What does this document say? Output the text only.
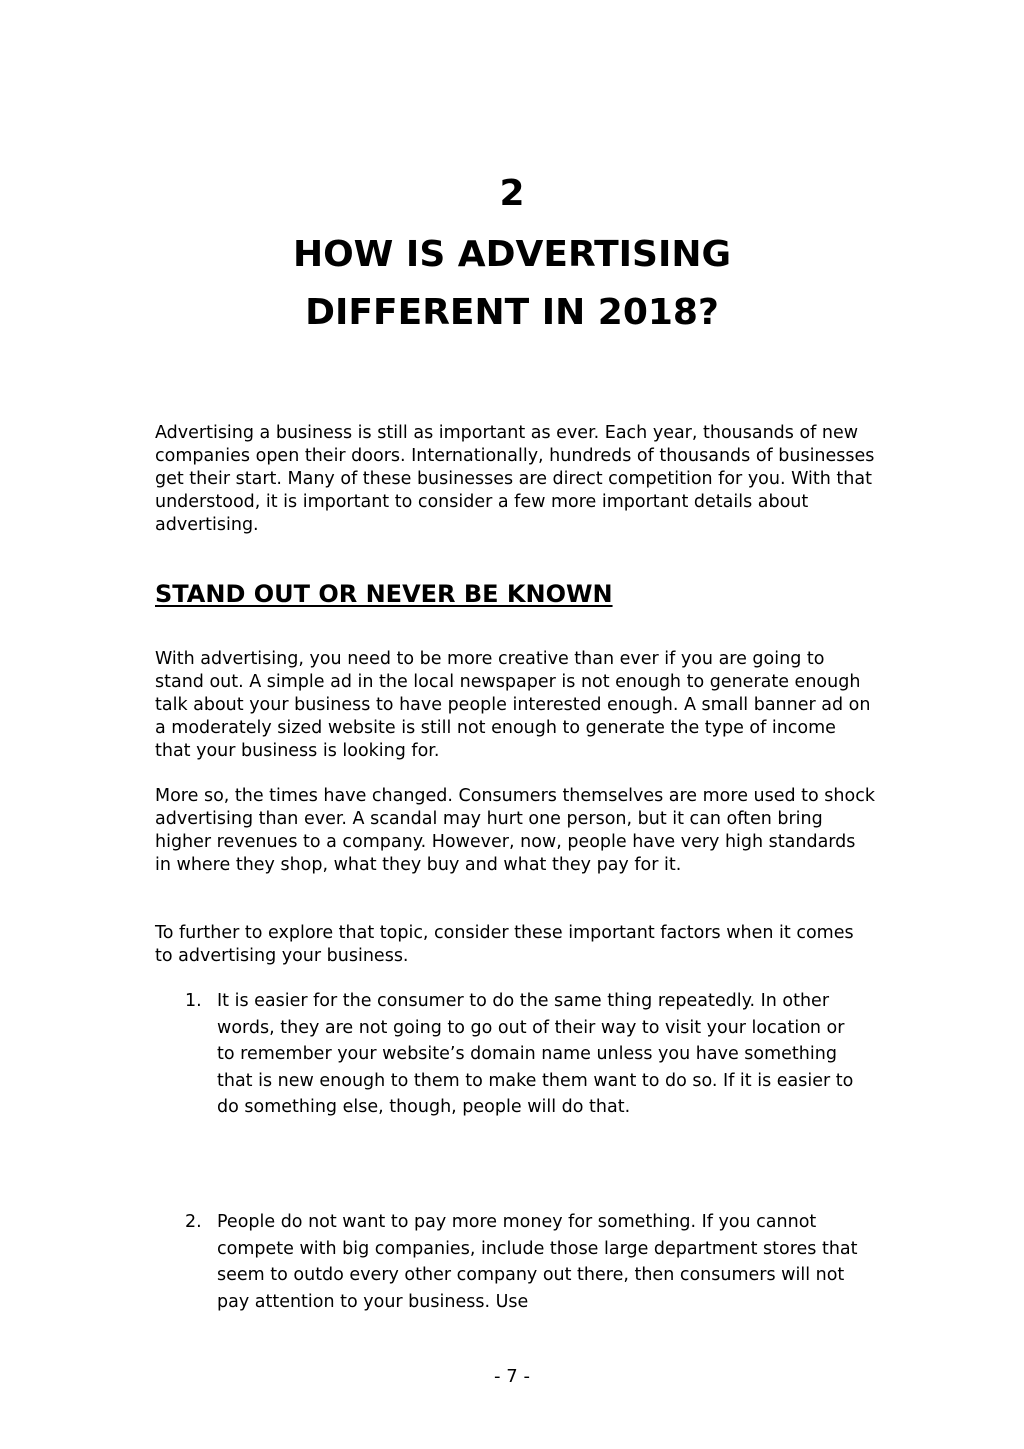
2
HOW IS ADVERTISING
DIFFERENT IN 2018?

Advertising a business is still as important as ever. Each year, thousands of new companies open their doors. Internationally, hundreds of thousands of businesses get their start. Many of these businesses are direct competition for you. With that understood, it is important to consider a few more important details about advertising.

STAND OUT OR NEVER BE KNOWN

With advertising, you need to be more creative than ever if you are going to stand out. A simple ad in the local newspaper is not enough to generate enough talk about your business to have people interested enough. A small banner ad on a moderately sized website is still not enough to generate the type of income that your business is looking for.

More so, the times have changed. Consumers themselves are more used to shock advertising than ever. A scandal may hurt one person, but it can often bring higher revenues to a company. However, now, people have very high standards in where they shop, what they buy and what they pay for it.

To further to explore that topic, consider these important factors when it comes to advertising your business.

1. It is easier for the consumer to do the same thing repeatedly. In other words, they are not going to go out of their way to visit your location or to remember your website’s domain name unless you have something that is new enough to them to make them want to do so. If it is easier to do something else, though, people will do that.
2. People do not want to pay more money for something. If you cannot compete with big companies, include those large department stores that seem to outdo every other company out there, then consumers will not pay attention to your business. Use
- 7 -
